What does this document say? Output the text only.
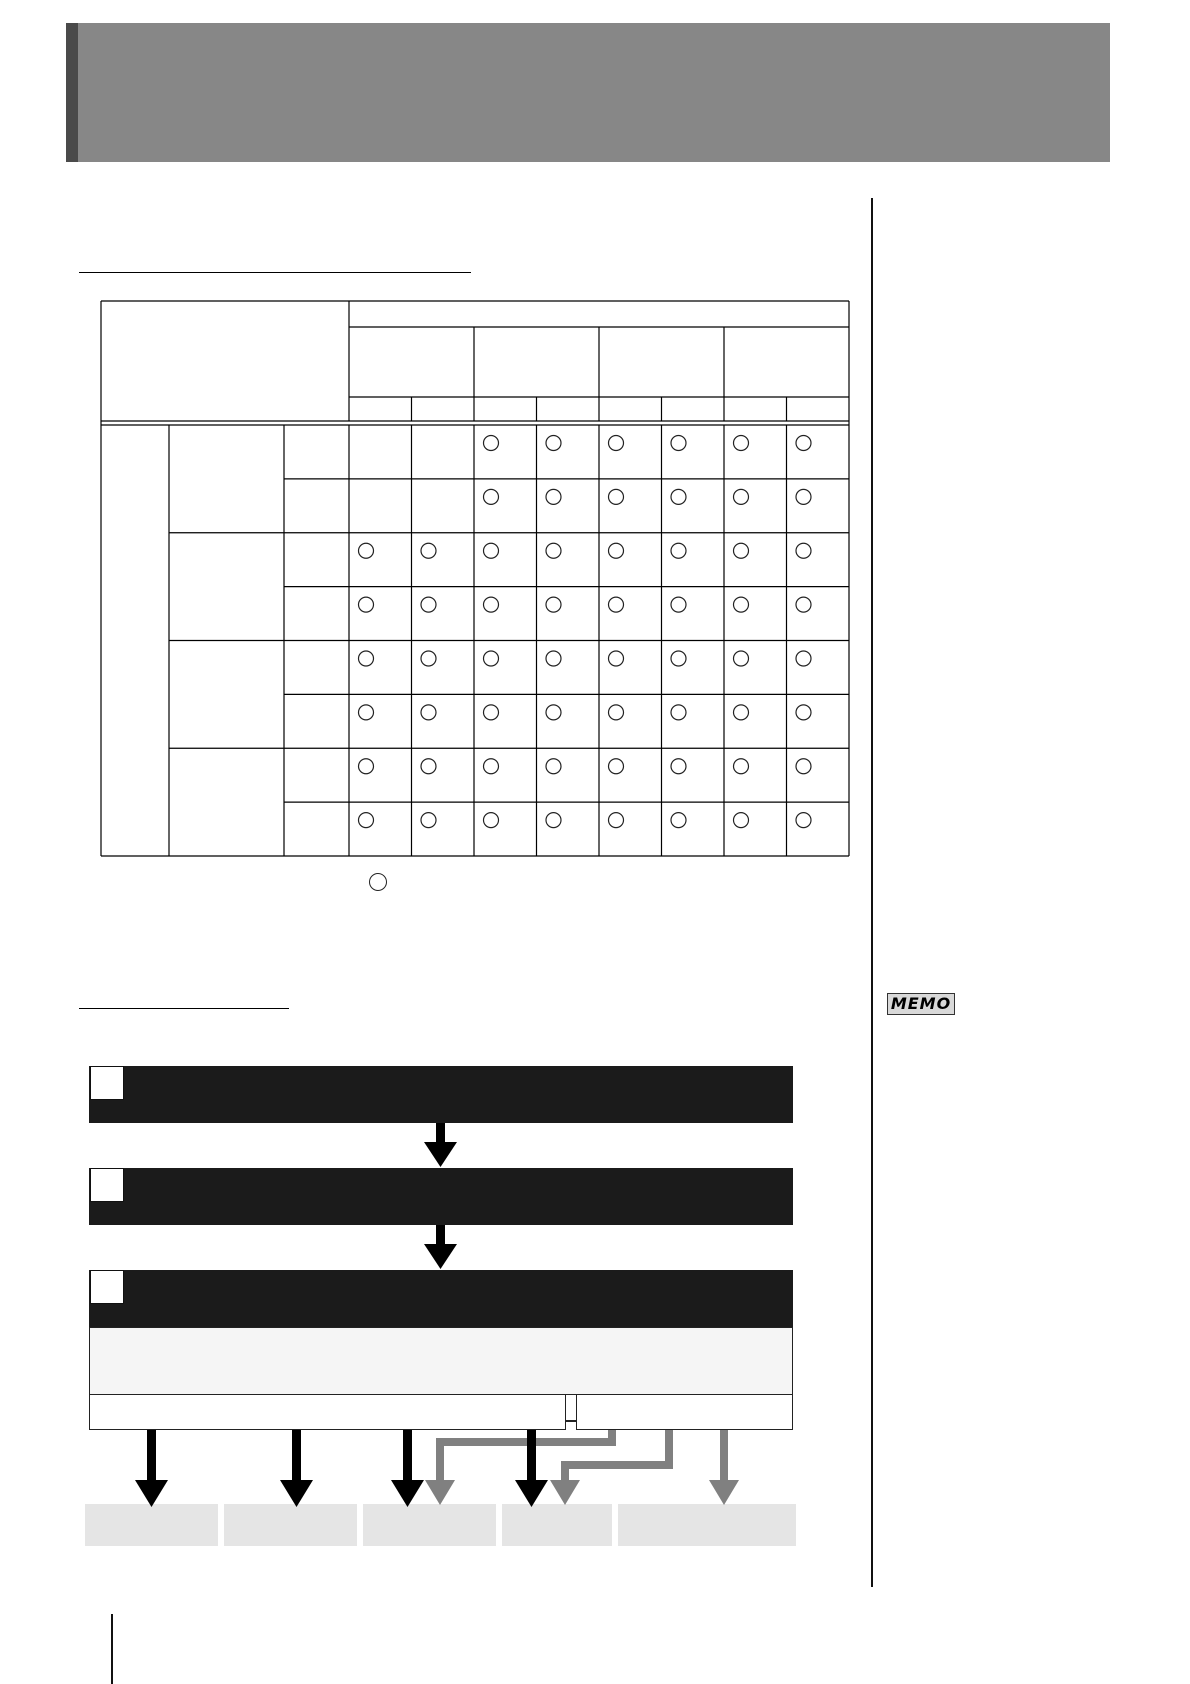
MEMO
